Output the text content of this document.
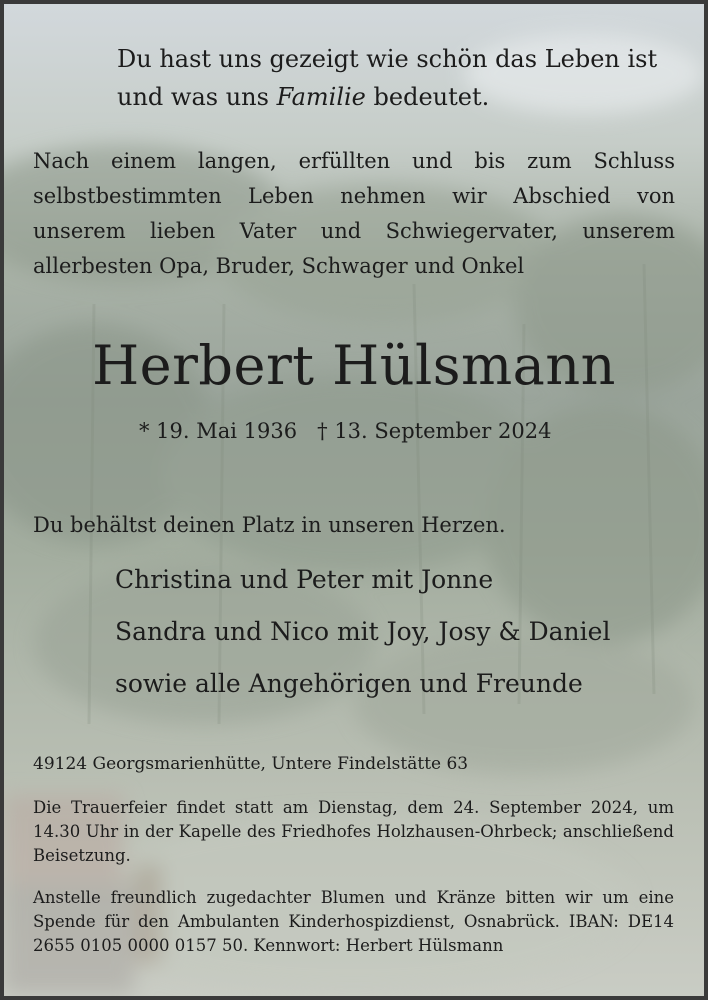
Du hast uns gezeigt wie schön das Leben ist
und was uns Familie bedeutet.

Nach einem langen, erfüllten und bis zum Schluss selbstbestimmten Leben nehmen wir Abschied von unserem lieben Vater und Schwiegervater, unserem allerbesten Opa, Bruder, Schwager und Onkel

Herbert Hülsmann
* 19. Mai 1936 † 13. September 2024
Du behältst deinen Platz in unseren Herzen.
Christina und Peter mit Jonne
Sandra und Nico mit Joy, Josy & Daniel
sowie alle Angehörigen und Freunde
49124 Georgsmarienhütte, Untere Findelstätte 63

Die Trauerfeier findet statt am Dienstag, dem 24. September 2024, um 14.30 Uhr in der Kapelle des Friedhofes Holzhausen-Ohrbeck; anschließend Beisetzung.

Anstelle freundlich zugedachter Blumen und Kränze bitten wir um eine Spende für den Ambulanten Kinderhospizdienst, Osnabrück. IBAN: DE14 2655 0105 0000 0157 50. Kennwort: Herbert Hülsmann
